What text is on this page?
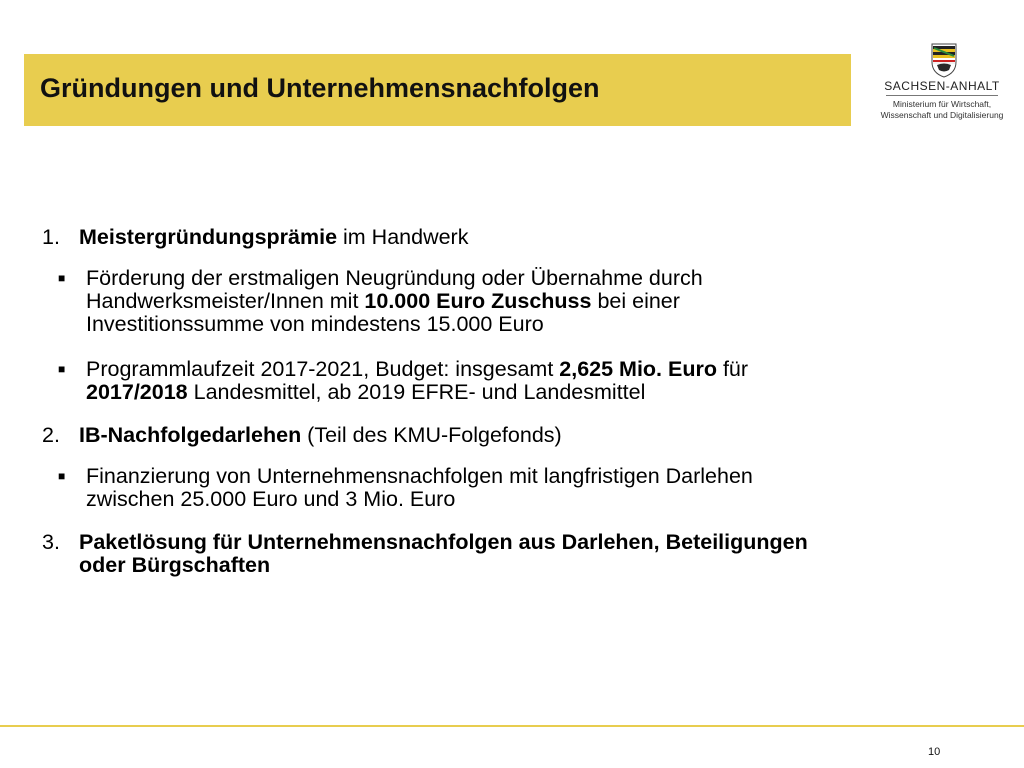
Gründungen und Unternehmensnachfolgen	SACHSEN-ANHALT
Ministerium für Wirtschaft,
Wissenschaft und Digitalisierung
1. Meistergründungsprämie im Handwerk
■ Förderung der erstmaligen Neugründung oder Übernahme durch Handwerksmeister/Innen mit 10.000 Euro Zuschuss bei einer Investitionssumme von mindestens 15.000 Euro
■ Programmlaufzeit 2017-2021, Budget: insgesamt 2,625 Mio. Euro für 2017/2018 Landesmittel, ab 2019 EFRE- und Landesmittel
2. IB-Nachfolgedarlehen (Teil des KMU-Folgefonds)
■ Finanzierung von Unternehmensnachfolgen mit langfristigen Darlehen zwischen 25.000 Euro und 3 Mio. Euro
3. Paketlösung für Unternehmensnachfolgen aus Darlehen, Beteiligungen oder Bürgschaften
10
